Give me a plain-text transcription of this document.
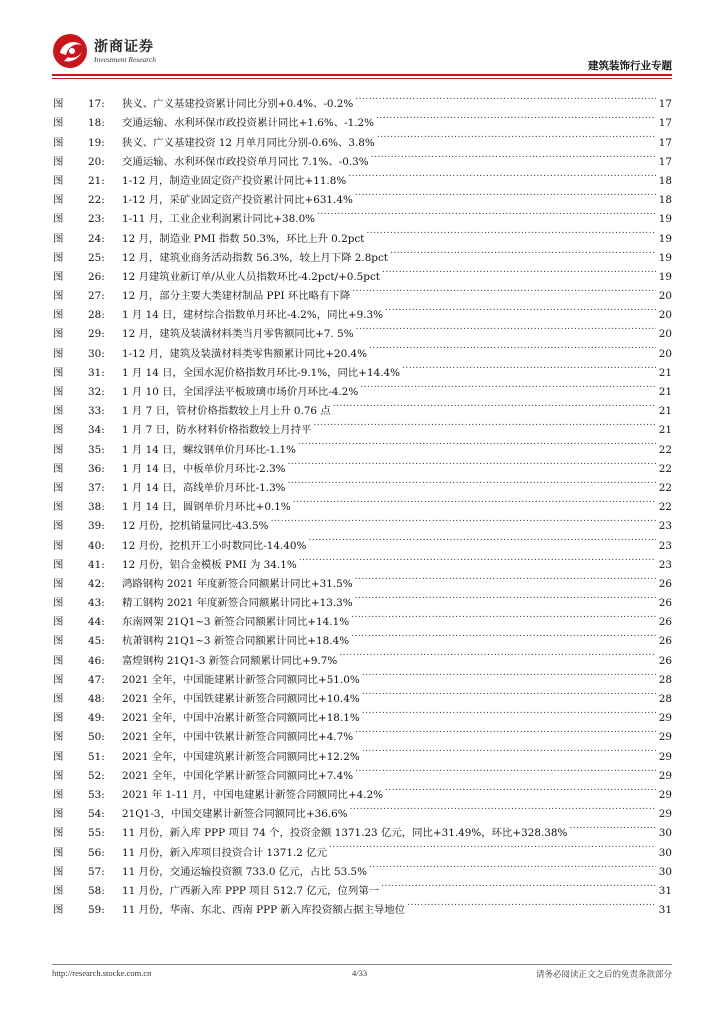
浙商证券
Investment Research
建筑装饰行业专题
图	17:	狭义、广义基建投资累计同比分别+0.4%、-0.2% .....	17
图	18:	交通运输、水利环保市政投资累计同比+1.6%、-1.2% .....	17
图	19:	狭义、广义基建投资 12 月单月同比分别-0.6%、3.8% .....	17
图	20:	交通运输、水利环保市政投资单月同比 7.1%、-0.3% .....	17
图	21:	1-12 月，制造业固定资产投资累计同比+11.8% .....	18
图	22:	1-12 月，采矿业固定资产投资累计同比+631.4% .....	18
图	23:	1-11 月，工业企业利润累计同比+38.0% .....	19
图	24:	12 月，制造业 PMI 指数 50.3%，环比上升 0.2pct .....	19
图	25:	12 月，建筑业商务活动指数 56.3%，较上月下降 2.8pct .....	19
图	26:	12 月建筑业新订单/从业人员指数环比-4.2pct/+0.5pct .....	19
图	27:	12 月，部分主要大类建材制品 PPI 环比略有下降 .....	20
图	28:	1 月 14 日，建材综合指数单月环比-4.2%，同比+9.3% .....	20
图	29:	12 月，建筑及装潢材料类当月零售额同比+7. 5% .....	20
图	30:	1-12 月，建筑及装潢材料类零售额累计同比+20.4% .....	20
图	31:	1 月 14 日，全国水泥价格指数月环比-9.1%，同比+14.4% .....	21
图	32:	1 月 10 日，全国浮法平板玻璃市场价月环比-4.2% .....	21
图	33:	1 月 7 日，管材价格指数较上月上升 0.76 点 .....	21
图	34:	1 月 7 日，防水材料价格指数较上月持平 .....	21
图	35:	1 月 14 日，螺纹钢单价月环比-1.1% .....	22
图	36:	1 月 14 日，中板单价月环比-2.3% .....	22
图	37:	1 月 14 日，高线单价月环比-1.3% .....	22
图	38:	1 月 14 日，圆钢单价月环比+0.1% .....	22
图	39:	12 月份，挖机销量同比-43.5% .....	23
图	40:	12 月份，挖机开工小时数同比-14.40% .....	23
图	41:	12 月份，铝合金模板 PMI 为 34.1% .....	23
图	42:	鸿路钢构 2021 年度新签合同额累计同比+31.5% .....	26
图	43:	精工钢构 2021 年度新签合同额累计同比+13.3% .....	26
图	44:	东南网架 21Q1~3 新签合同额累计同比+14.1% .....	26
图	45:	杭萧钢构 21Q1~3 新签合同额累计同比+18.4% .....	26
图	46:	富煌钢构 21Q1-3 新签合同额累计同比+9.7% .....	26
图	47:	2021 全年，中国能建累计新签合同额同比+51.0% .....	28
图	48:	2021 全年，中国铁建累计新签合同额同比+10.4% .....	28
图	49:	2021 全年，中国中冶累计新签合同额同比+18.1% .....	29
图	50:	2021 全年，中国中铁累计新签合同额同比+4.7% .....	29
图	51:	2021 全年，中国建筑累计新签合同额同比+12.2% .....	29
图	52:	2021 全年，中国化学累计新签合同额同比+7.4% .....	29
图	53:	2021 年 1-11 月，中国电建累计新签合同额同比+4.2% .....	29
图	54:	21Q1-3，中国交建累计新签合同额同比+36.6% .....	29
图	55:	11 月份，新入库 PPP 项目 74 个，投资金额 1371.23 亿元，同比+31.49%，环比+328.38% .....	30
图	56:	11 月份，新入库项目投资合计 1371.2 亿元 .....	30
图	57:	11 月份，交通运输投资额 733.0 亿元，占比 53.5% .....	30
图	58:	11 月份，广西新入库 PPP 项目 512.7 亿元，位列第一 .....	31
图	59:	11 月份，华南、东北、西南 PPP 新入库投资额占据主导地位 .....	31
http://research.stocke.com.cn	4/33	请务必阅读正文之后的免责条款部分
